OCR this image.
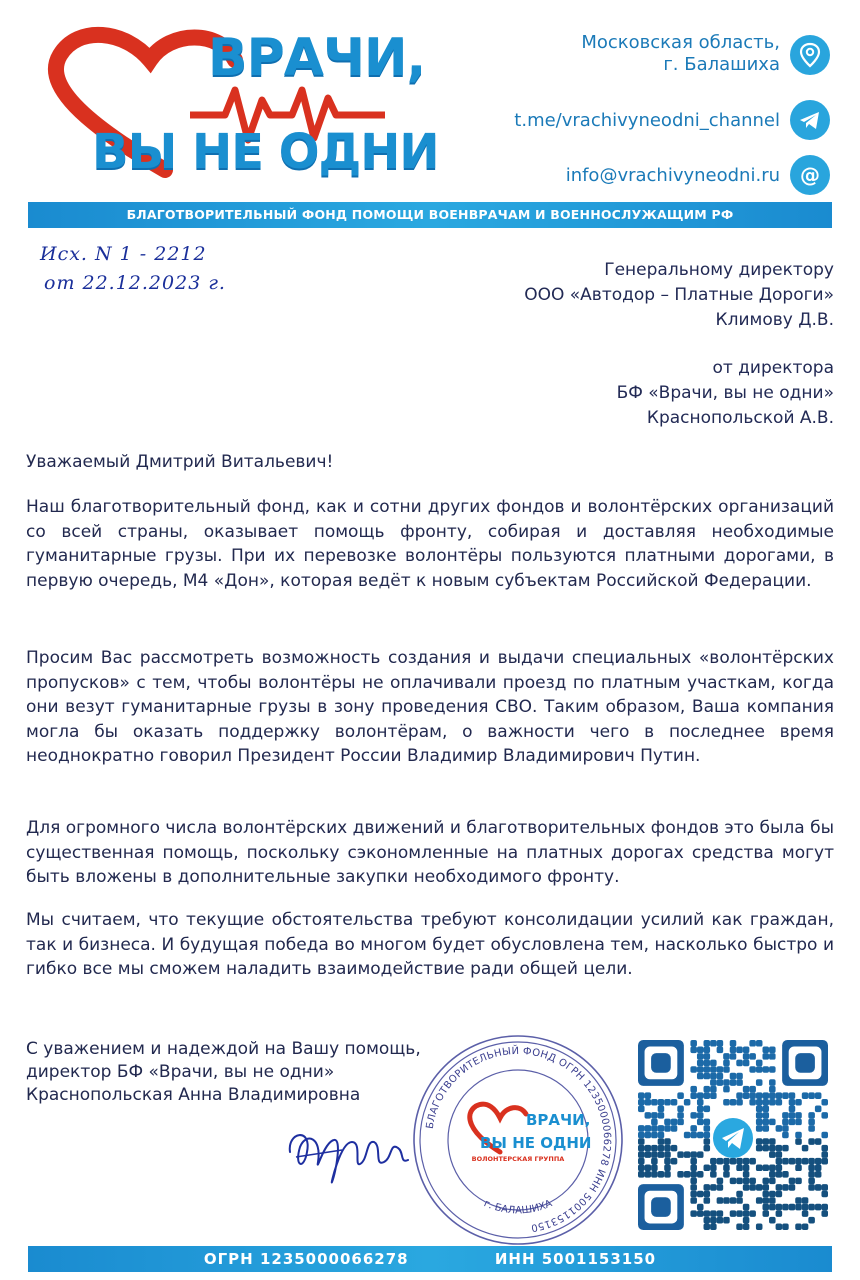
ВРАЧИ,
ВЫ НЕ ОДНИ
Московская область,
г. Балашиха
t.me/vrachivyneodni_channel
info@vrachivyneodni.ru @
БЛАГОТВОРИТЕЛЬНЫЙ ФОНД ПОМОЩИ ВОЕНВРАЧАМ И ВОЕННОСЛУЖАЩИМ РФ
Исх. N 1 - 2212
от 22.12.2023 г.
Генеральному директору
ООО «Автодор – Платные Дороги»
Климову Д.В.
от директора
БФ «Врачи, вы не одни»
Краснопольской А.В.
Уважаемый Дмитрий Витальевич!
Наш благотворительный фонд, как и сотни других фондов и волонтёрских организаций со всей страны, оказывает помощь фронту, собирая и доставляя необходимые гуманитарные грузы. При их перевозке волонтёры пользуются платными дорогами, в первую очередь, М4 «Дон», которая ведёт к новым субъектам Российской Федерации.
Просим Вас рассмотреть возможность создания и выдачи специальных «волонтёрских пропусков» с тем, чтобы волонтёры не оплачивали проезд по платным участкам, когда они везут гуманитарные грузы в зону проведения СВО. Таким образом, Ваша компания могла бы оказать поддержку волонтёрам, о важности чего в последнее время неоднократно говорил Президент России Владимир Владимирович Путин.
Для огромного числа волонтёрских движений и благотворительных фондов это была бы существенная помощь, поскольку сэкономленные на платных дорогах средства могут быть вложены в дополнительные закупки необходимого фронту.
Мы считаем, что текущие обстоятельства требуют консолидации усилий как граждан, так и бизнеса. И будущая победа во многом будет обусловлена тем, насколько быстро и гибко все мы сможем наладить взаимодействие ради общей цели.
С уважением и надеждой на Вашу помощь,
директор БФ «Врачи, вы не одни»
Краснопольская Анна Владимировна
БЛАГОТВОРИТЕЛЬНЫЙ ФОНД ОГРН 1235000066278 ИНН 5001153150
г. БАЛАШИХА
ВРАЧИ,
ВЫ НЕ ОДНИ
ВОЛОНТЕРСКАЯ ГРУППА
ОГРН 1235000066278	ИНН 5001153150
